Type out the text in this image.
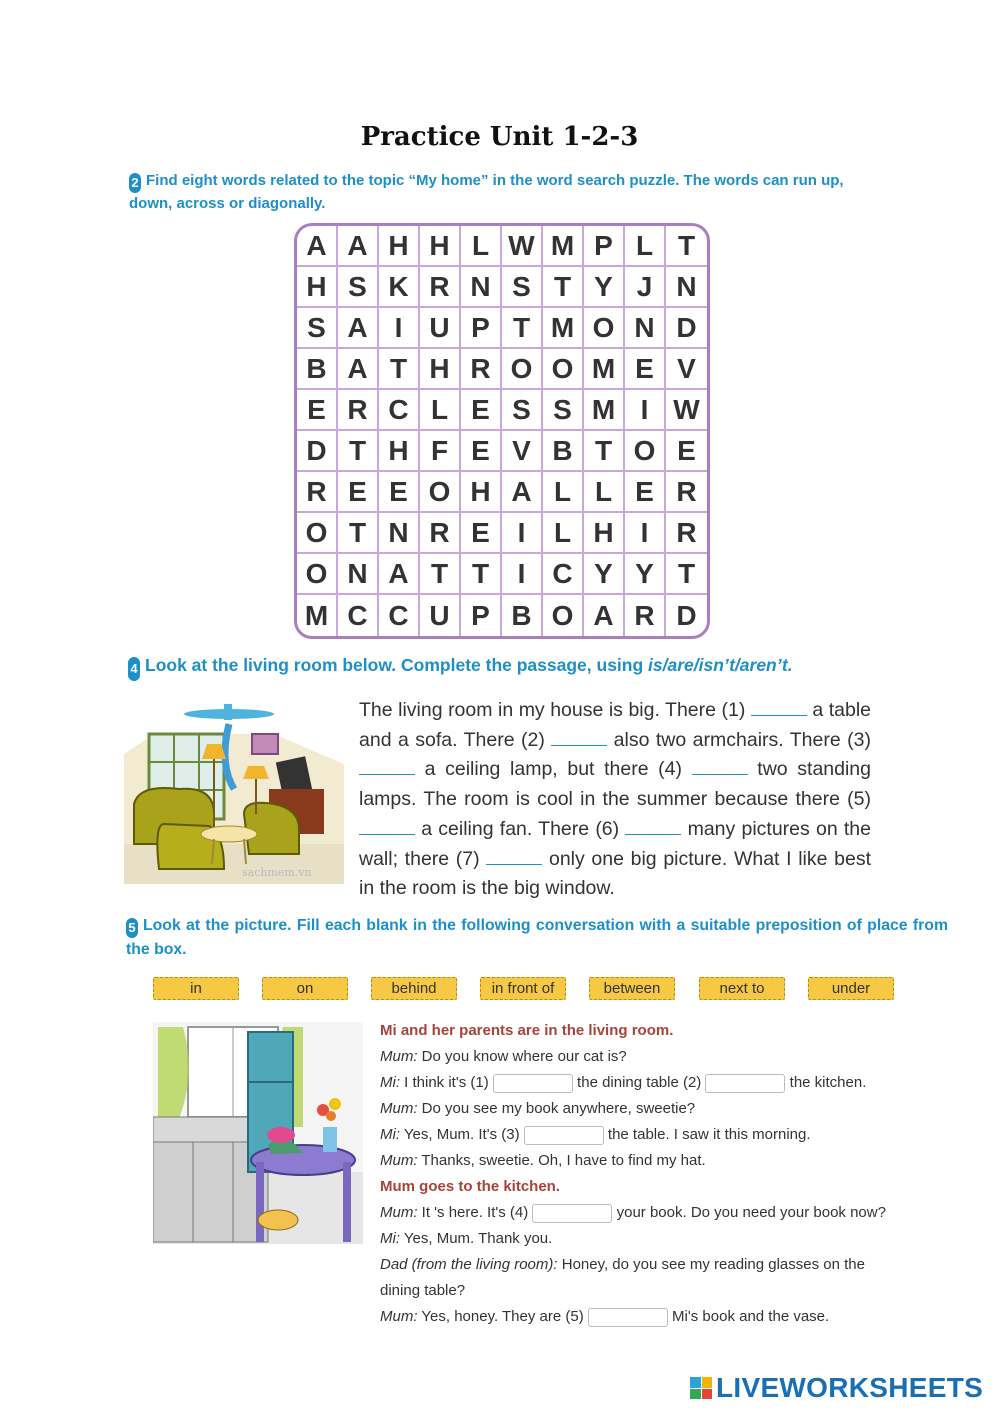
Practice Unit 1-2-3
2 Find eight words related to the topic “My home” in the word search puzzle. The words can run up, down, across or diagonally.
A A H H L W M P L T
H S K R N S T Y J N
S A I U P T M O N D
B A T H R O O M E V
E R C L E S S M I W
D T H F E V B T O E
R E E O H A L L E R
O T N R E I	L H I R
O N A T T	I C Y Y T
M C C U P B O A R D
4 Look at the living room below. Complete the passage, using is/are/isn’t/aren’t.
sachmem.vn
The living room in my house is big. There (1)	a table and a sofa. There (2)	also two armchairs. There (3)  a ceiling lamp, but there (4)	two standing lamps. The room is cool in the summer because there (5)  a ceiling fan. There (6)	many pictures on the wall; there (7)	only one big picture. What I like best in the room is the big window.
5 Look at the picture. Fill each blank in the following conversation with a suitable preposition of place from the box.
in	on	behind	in front of	between	next to	under
Mi and her parents are in the living room.
Mum: Do you know where our cat is?
Mi: I think it's (1)	the dining table (2)	the kitchen.
Mum: Do you see my book anywhere, sweetie?
Mi: Yes, Mum. It's (3)	the table. I saw it this morning.
Mum: Thanks, sweetie. Oh, I have to find my hat.
Mum goes to the kitchen.
Mum: It 's here. It's (4)	your book. Do you need your book now?
Mi: Yes, Mum. Thank you.
Dad (from the living room): Honey, do you see my reading glasses on the dining table?
Mum: Yes, honey. They are (5)	Mi's book and the vase.
LIVEWORKSHEETS
